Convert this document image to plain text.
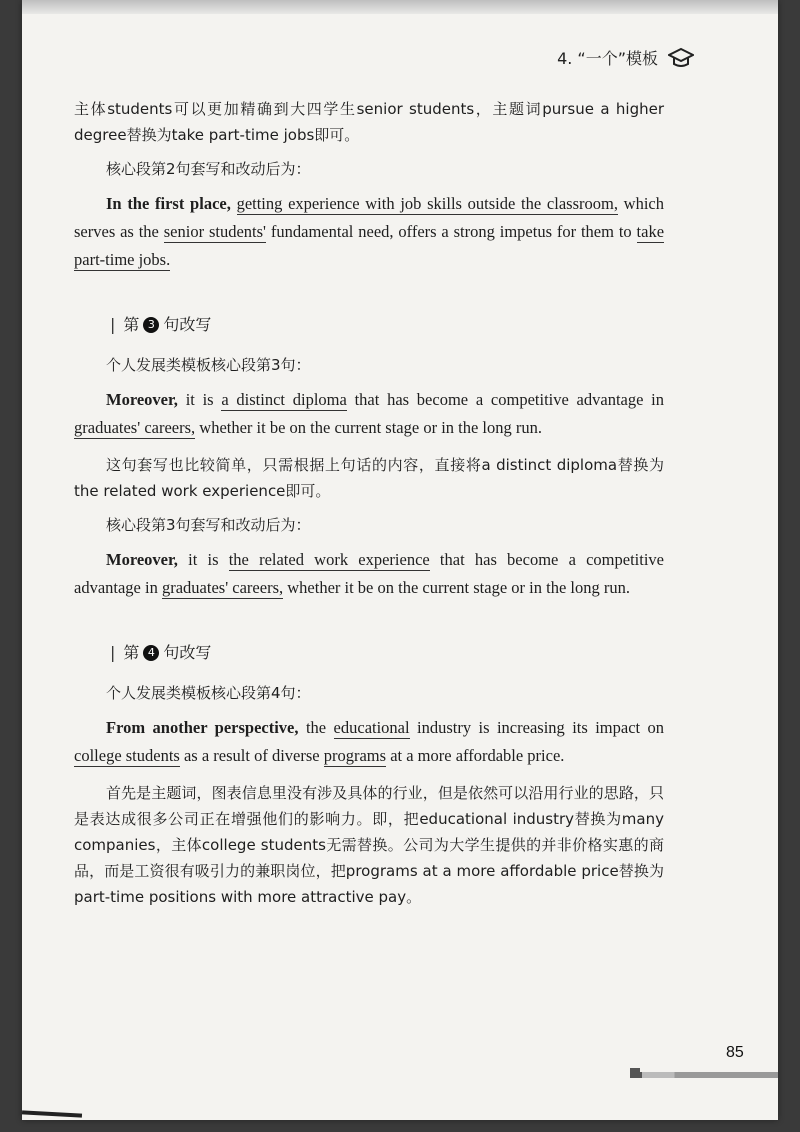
4. “一个”模板

主体students可以更加精确到大四学生senior students，主题词pursue a higher degree替换为take part-time jobs即可。

核心段第2句套写和改动后为：

In the first place, getting experience with job skills outside the classroom, which serves as the senior students' fundamental need, offers a strong impetus for them to take part-time jobs.

| 第 3 句改写

个人发展类模板核心段第3句：

Moreover, it is a distinct diploma that has become a competitive advantage in graduates' careers, whether it be on the current stage or in the long run.

这句套写也比较简单，只需根据上句话的内容，直接将a distinct diploma替换为the related work experience即可。

核心段第3句套写和改动后为：

Moreover, it is the related work experience that has become a competitive advantage in graduates' careers, whether it be on the current stage or in the long run.

| 第 4 句改写

个人发展类模板核心段第4句：

From another perspective, the educational industry is increasing its impact on college students as a result of diverse programs at a more affordable price.

首先是主题词，图表信息里没有涉及具体的行业，但是依然可以沿用行业的思路，只是表达成很多公司正在增强他们的影响力。即，把educational industry替换为many companies，主体college students无需替换。公司为大学生提供的并非价格实惠的商品，而是工资很有吸引力的兼职岗位，把programs at a more affordable price替换为part-time positions with more attractive pay。

85
